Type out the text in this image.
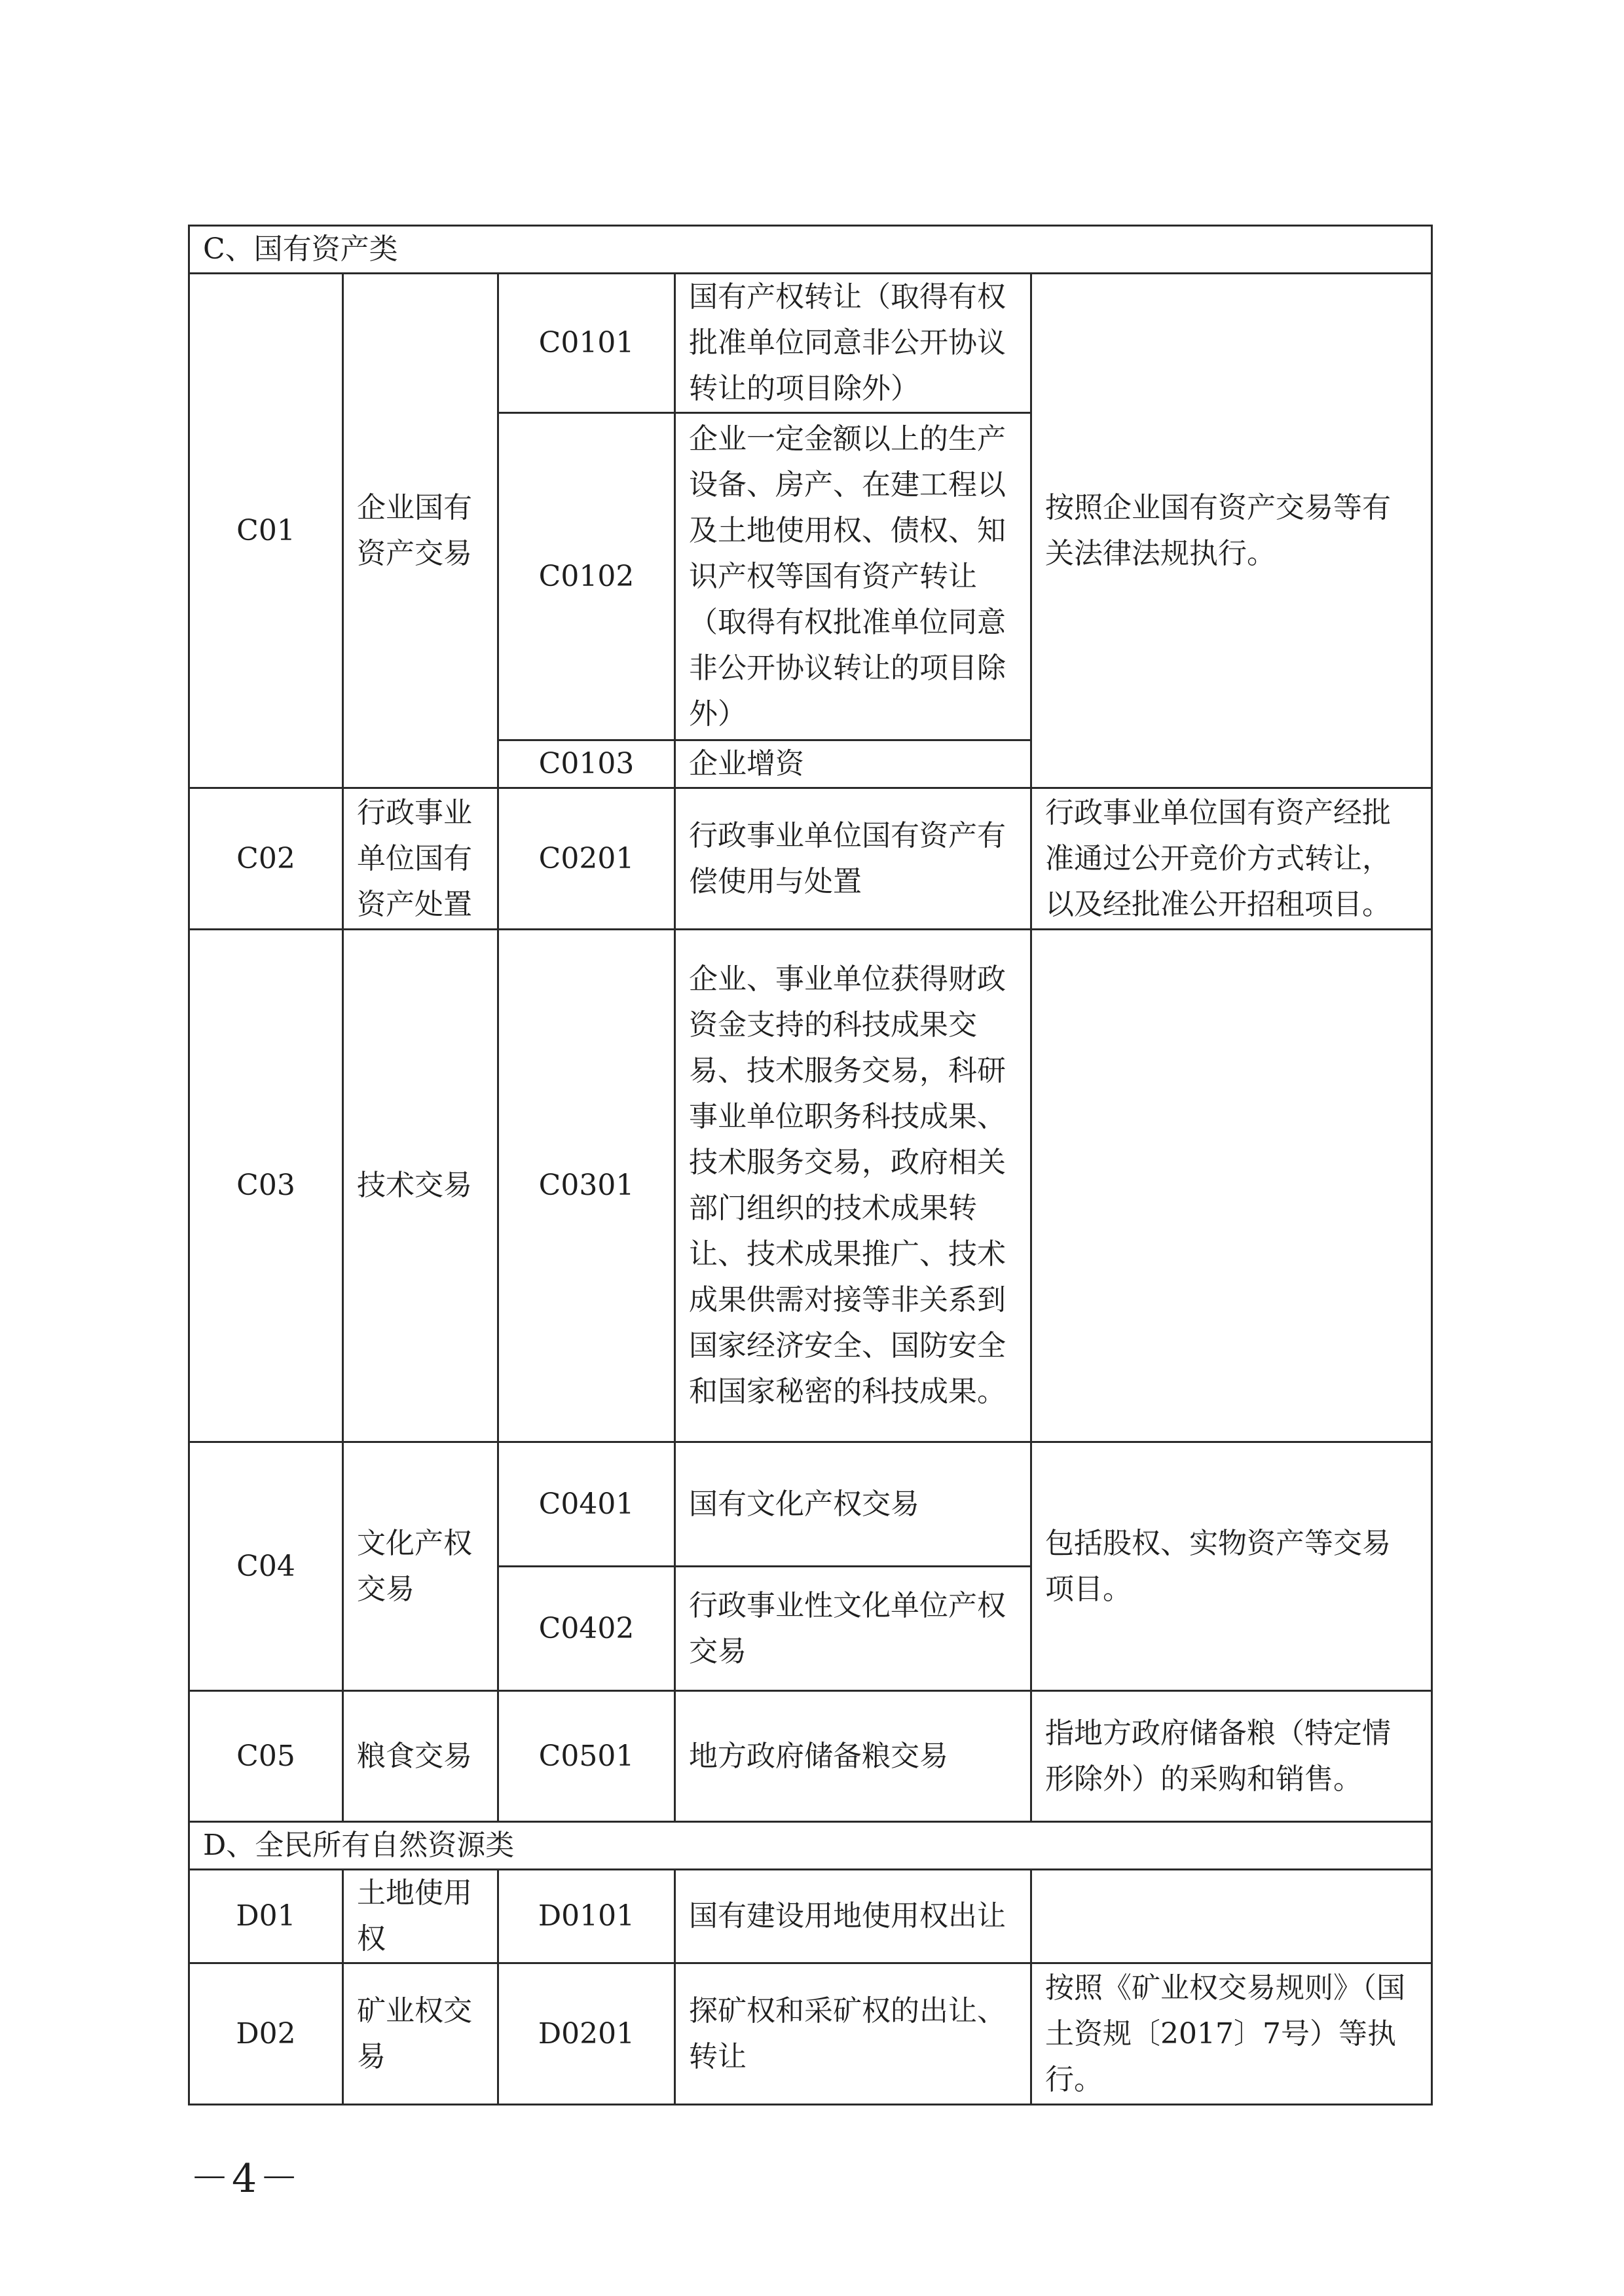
C、国有资产类				
C01	企业国有资产交易	C0101	国有产权转让（取得有权批准单位同意非公开协议转让的项目除外）	按照企业国有资产交易等有关法律法规执行。
		C0102	企业一定金额以上的生产设备、房产、在建工程以及土地使用权、债权、知识产权等国有资产转让（取得有权批准单位同意非公开协议转让的项目除外）	
		C0103	企业增资	
C02	行政事业单位国有资产处置	C0201	行政事业单位国有资产有偿使用与处置	行政事业单位国有资产经批准通过公开竞价方式转让，以及经批准公开招租项目。
C03	技术交易	C0301	企业、事业单位获得财政资金支持的科技成果交易、技术服务交易，科研事业单位职务科技成果、技术服务交易，政府相关部门组织的技术成果转让、技术成果推广、技术成果供需对接等非关系到国家经济安全、国防安全和国家秘密的科技成果。	
C04	文化产权交易	C0401	国有文化产权交易	包括股权、实物资产等交易项目。
		C0402	行政事业性文化单位产权交易	
C05	粮食交易	C0501	地方政府储备粮交易	指地方政府储备粮（特定情形除外）的采购和销售。
D、全民所有自然资源类				
D01	土地使用权	D0101	国有建设用地使用权出让	
D02	矿业权交易	D0201	探矿权和采矿权的出让、转让	按照《矿业权交易规则》（国土资规〔2017〕7号）等执行。
－4－
